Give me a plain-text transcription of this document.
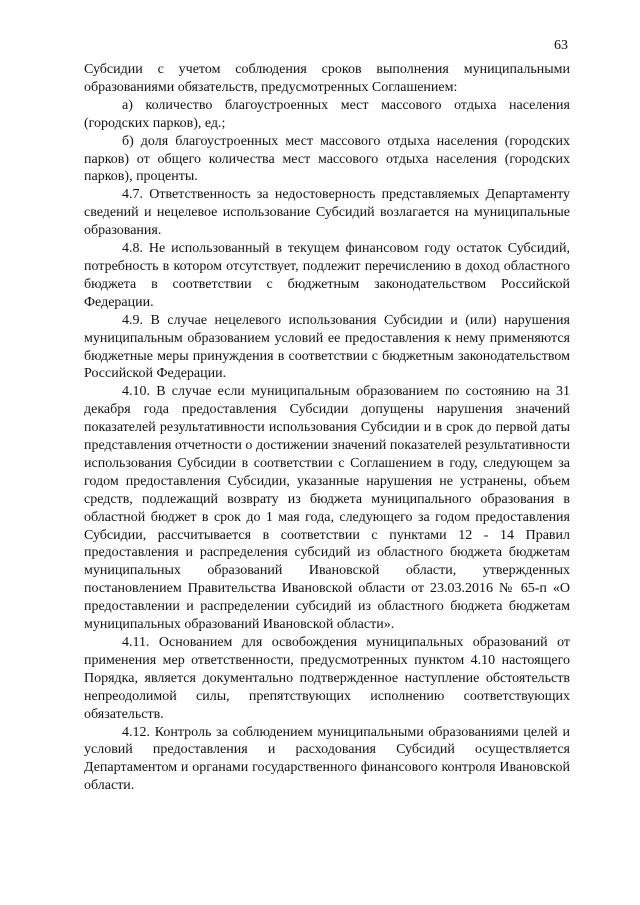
63

Субсидии с учетом соблюдения сроков выполнения муниципальными образованиями обязательств, предусмотренных Соглашением:

а) количество благоустроенных мест массового отдыха населения (городских парков), ед.;

б) доля благоустроенных мест массового отдыха населения (городских парков) от общего количества мест массового отдыха населения (городских парков), проценты.

4.7. Ответственность за недостоверность представляемых Департаменту сведений и нецелевое использование Субсидий возлагается на муниципальные образования.

4.8. Не использованный в текущем финансовом году остаток Субсидий, потребность в котором отсутствует, подлежит перечислению в доход областного бюджета в соответствии с бюджетным законодательством Российской Федерации.

4.9. В случае нецелевого использования Субсидии и (или) нарушения муниципальным образованием условий ее предоставления к нему применяются бюджетные меры принуждения в соответствии с бюджетным законодательством Российской Федерации.

4.10. В случае если муниципальным образованием по состоянию на 31 декабря года предоставления Субсидии допущены нарушения значений показателей результативности использования Субсидии и в срок до первой даты представления отчетности о достижении значений показателей результативности использования Субсидии в соответствии с Соглашением в году, следующем за годом предоставления Субсидии, указанные нарушения не устранены, объем средств, подлежащий возврату из бюджета муниципального образования в областной бюджет в срок до 1 мая года, следующего за годом предоставления Субсидии, рассчитывается в соответствии с пунктами 12 - 14 Правил предоставления и распределения субсидий из областного бюджета бюджетам муниципальных образований Ивановской области, утвержденных постановлением Правительства Ивановской области от 23.03.2016 № 65-п «О предоставлении и распределении субсидий из областного бюджета бюджетам муниципальных образований Ивановской области».

4.11. Основанием для освобождения муниципальных образований от применения мер ответственности, предусмотренных пунктом 4.10 настоящего Порядка, является документально подтвержденное наступление обстоятельств непреодолимой силы, препятствующих исполнению соответствующих обязательств.

4.12. Контроль за соблюдением муниципальными образованиями целей и условий предоставления и расходования Субсидий осуществляется Департаментом и органами государственного финансового контроля Ивановской области.
